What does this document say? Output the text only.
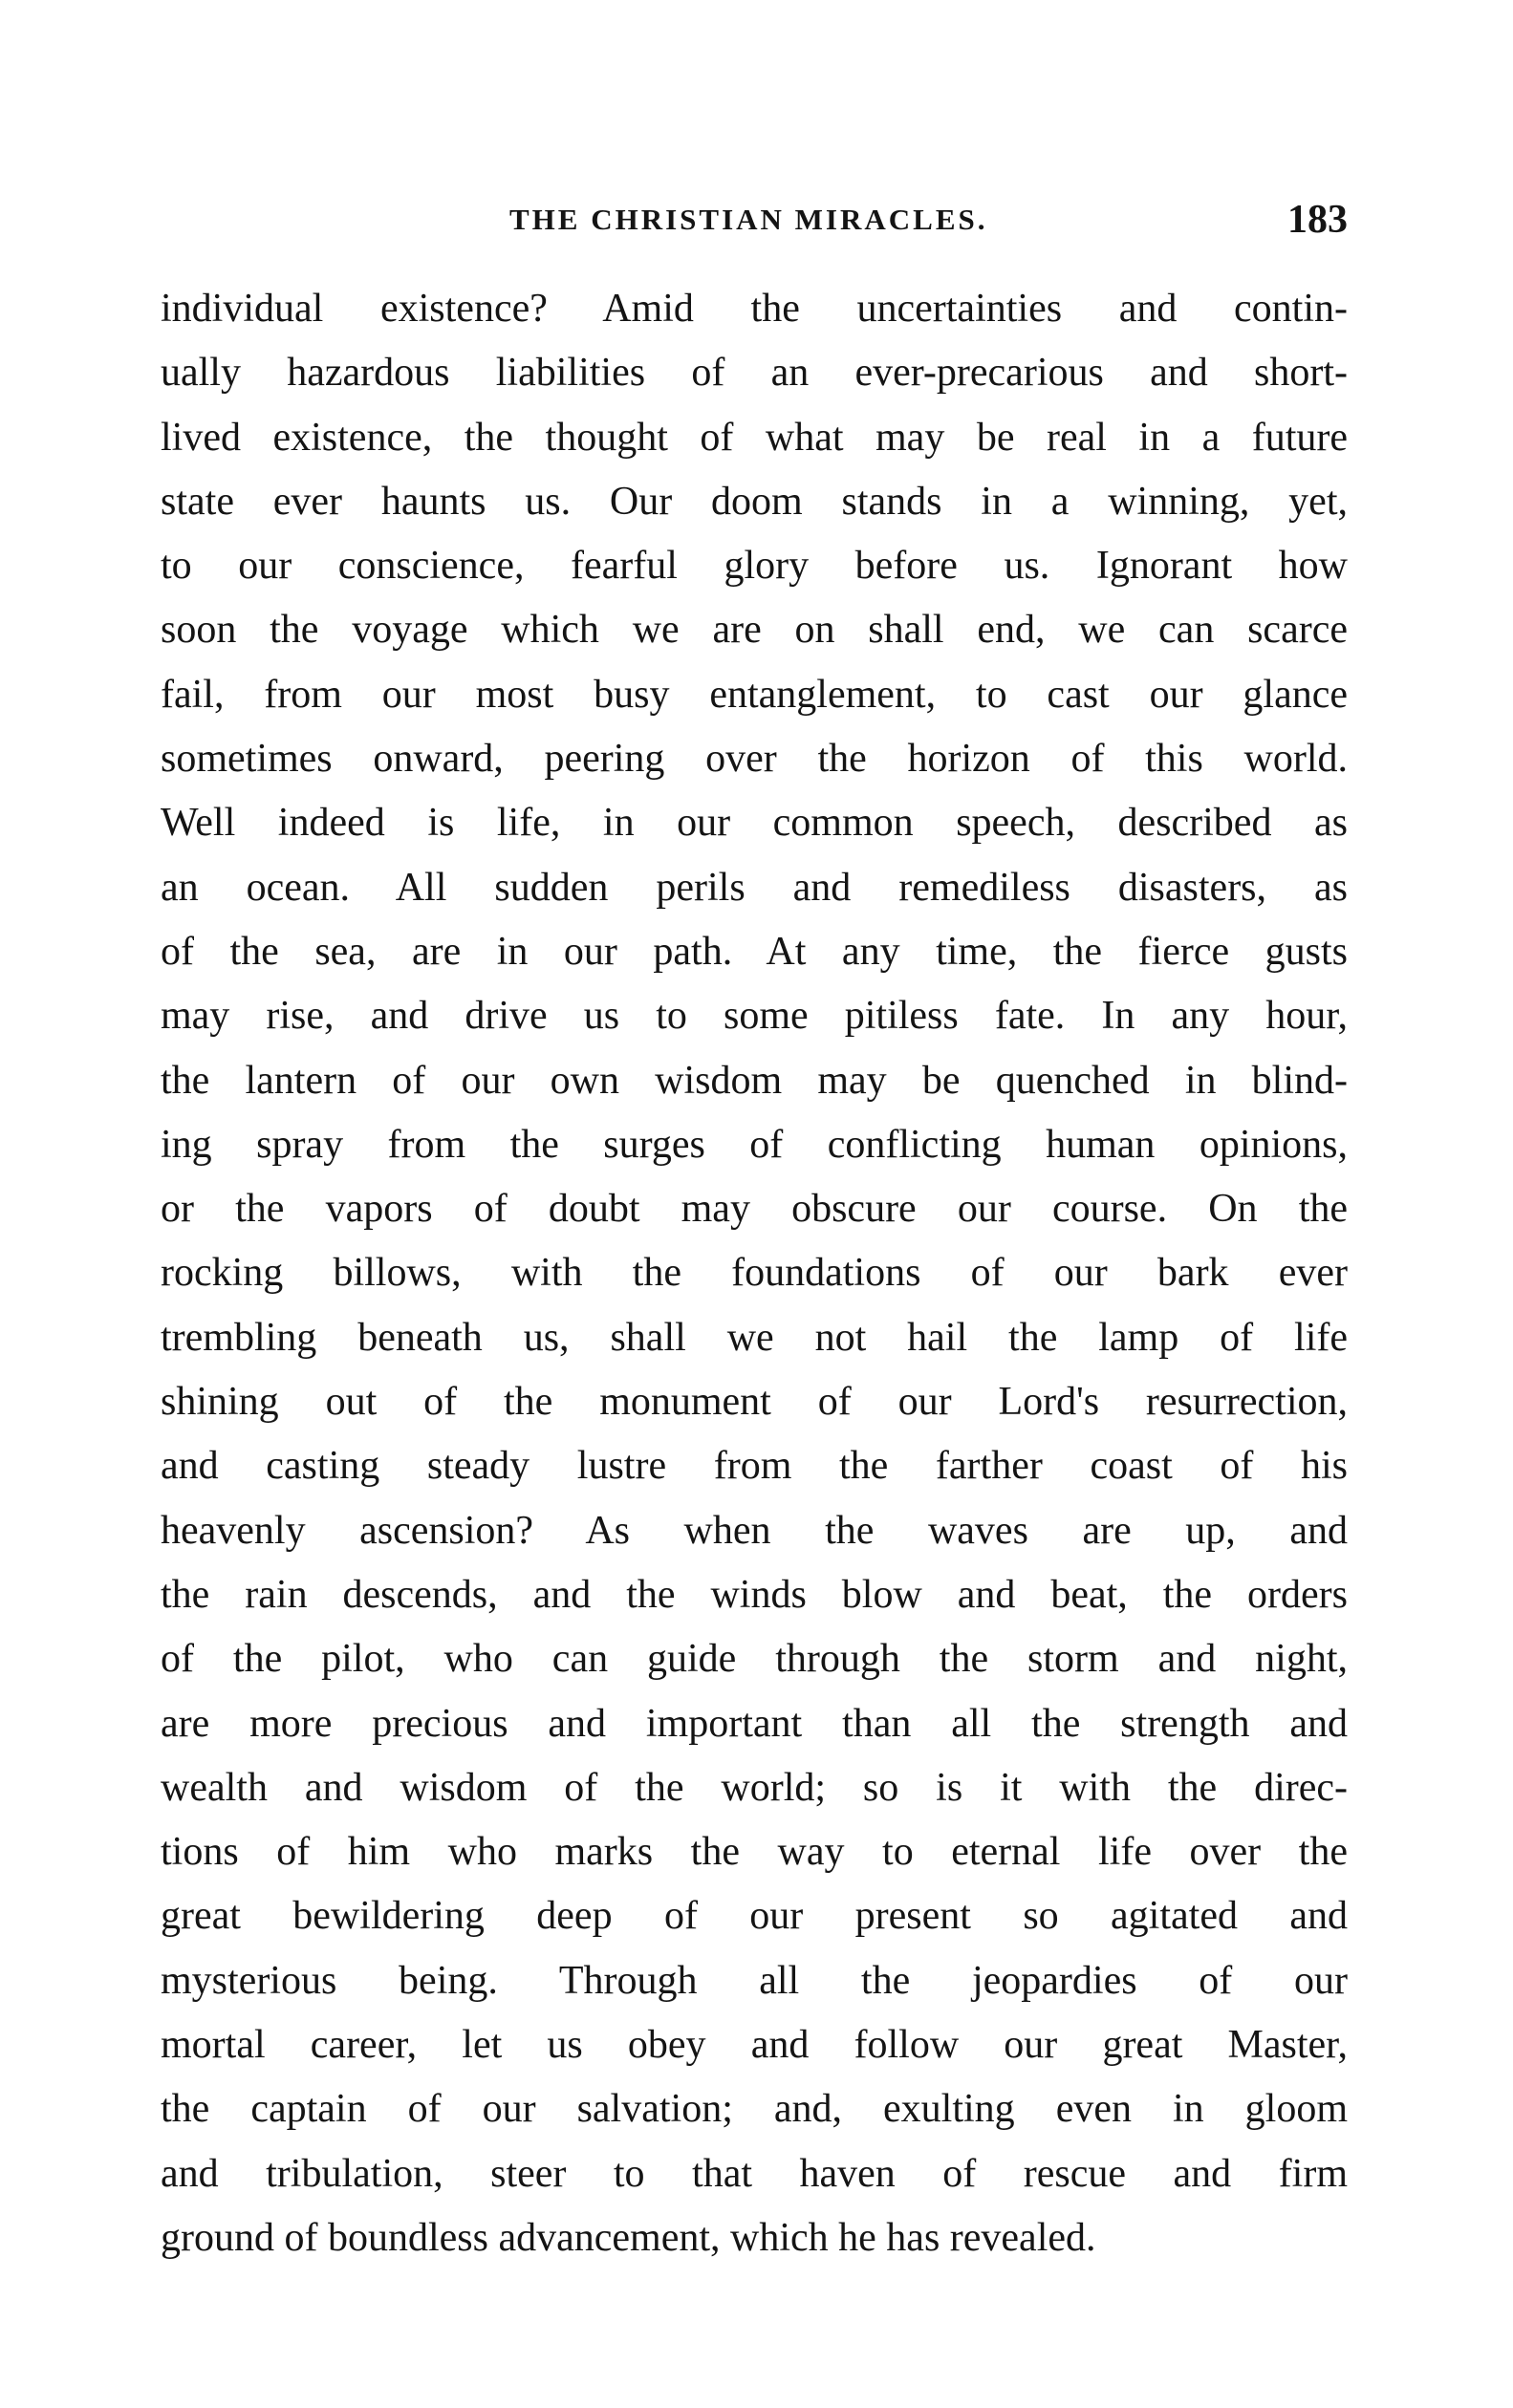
THE CHRISTIAN MIRACLES.	183
individual existence? Amid the uncertainties and contin-
ually hazardous liabilities of an ever-precarious and short-
lived existence, the thought of what may be real in a future
state ever haunts us. Our doom stands in a winning, yet,
to our conscience, fearful glory before us. Ignorant how
soon the voyage which we are on shall end, we can scarce
fail, from our most busy entanglement, to cast our glance
sometimes onward, peering over the horizon of this world.
Well indeed is life, in our common speech, described as
an ocean. All sudden perils and remediless disasters, as
of the sea, are in our path. At any time, the fierce gusts
may rise, and drive us to some pitiless fate. In any hour,
the lantern of our own wisdom may be quenched in blind-
ing spray from the surges of conflicting human opinions,
or the vapors of doubt may obscure our course. On the
rocking billows, with the foundations of our bark ever
trembling beneath us, shall we not hail the lamp of life
shining out of the monument of our Lord's resurrection,
and casting steady lustre from the farther coast of his
heavenly ascension? As when the waves are up, and
the rain descends, and the winds blow and beat, the orders
of the pilot, who can guide through the storm and night,
are more precious and important than all the strength and
wealth and wisdom of the world; so is it with the direc-
tions of him who marks the way to eternal life over the
great bewildering deep of our present so agitated and
mysterious being. Through all the jeopardies of our
mortal career, let us obey and follow our great Master,
the captain of our salvation; and, exulting even in gloom
and tribulation, steer to that haven of rescue and firm
ground of boundless advancement, which he has revealed.
